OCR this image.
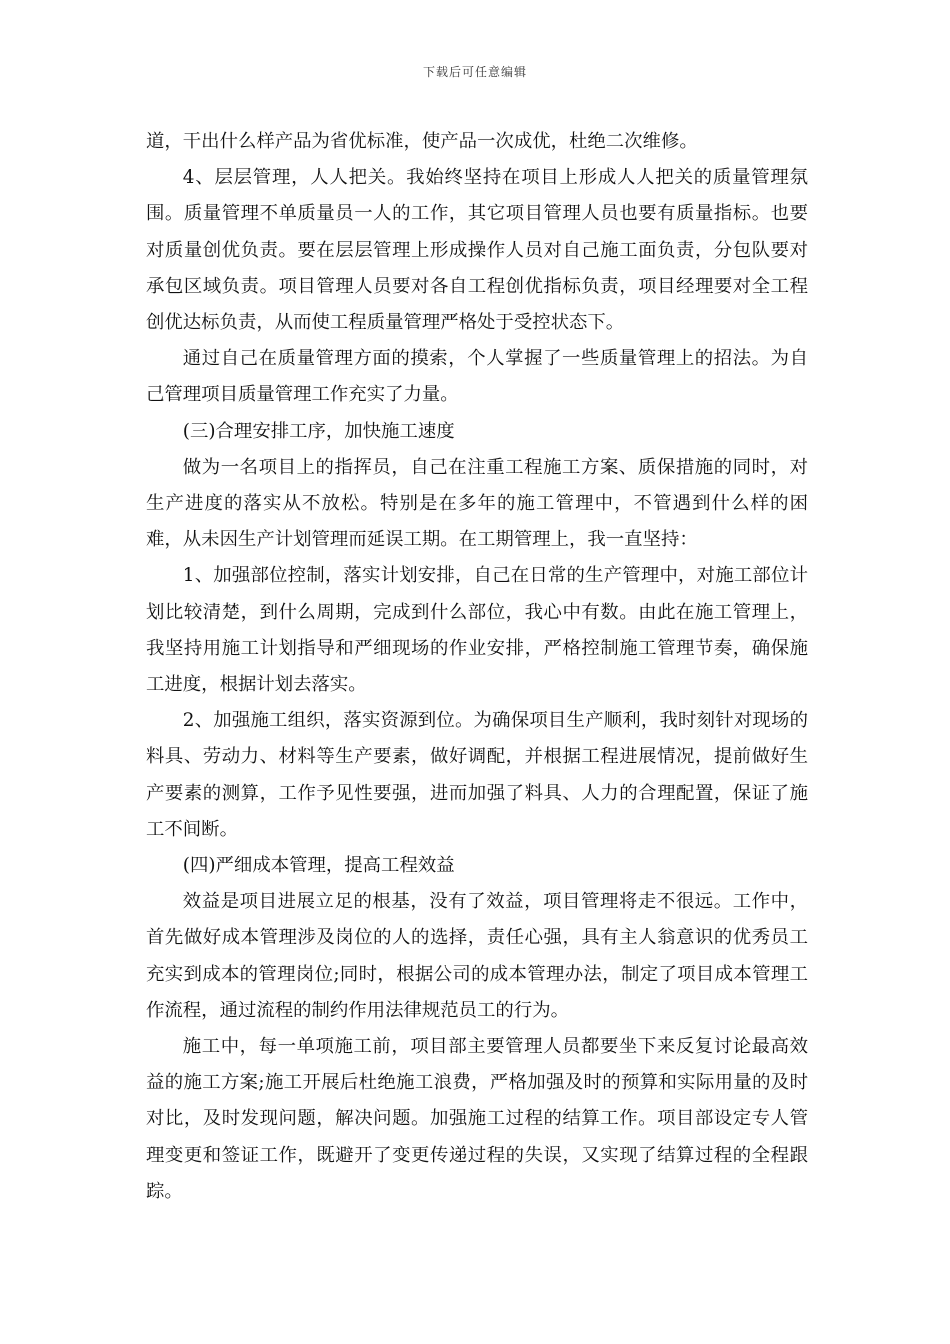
下载后可任意编辑

道，干出什么样产品为省优标准，使产品一次成优，杜绝二次维修。

4、层层管理，人人把关。我始终坚持在项目上形成人人把关的质量管理氛围。质量管理不单质量员一人的工作，其它项目管理人员也要有质量指标。也要对质量创优负责。要在层层管理上形成操作人员对自己施工面负责，分包队要对承包区域负责。项目管理人员要对各自工程创优指标负责，项目经理要对全工程创优达标负责，从而使工程质量管理严格处于受控状态下。

通过自己在质量管理方面的摸索，个人掌握了一些质量管理上的招法。为自己管理项目质量管理工作充实了力量。

(三)合理安排工序，加快施工速度

做为一名项目上的指挥员，自己在注重工程施工方案、质保措施的同时，对生产进度的落实从不放松。特别是在多年的施工管理中，不管遇到什么样的困难，从未因生产计划管理而延误工期。在工期管理上，我一直坚持：

1、加强部位控制，落实计划安排，自己在日常的生产管理中，对施工部位计划比较清楚，到什么周期，完成到什么部位，我心中有数。由此在施工管理上，我坚持用施工计划指导和严细现场的作业安排，严格控制施工管理节奏，确保施工进度，根据计划去落实。

2、加强施工组织，落实资源到位。为确保项目生产顺利，我时刻针对现场的料具、劳动力、材料等生产要素，做好调配，并根据工程进展情况，提前做好生产要素的测算，工作予见性要强，进而加强了料具、人力的合理配置，保证了施工不间断。

(四)严细成本管理，提高工程效益

效益是项目进展立足的根基，没有了效益，项目管理将走不很远。工作中，首先做好成本管理涉及岗位的人的选择，责任心强，具有主人翁意识的优秀员工充实到成本的管理岗位;同时，根据公司的成本管理办法，制定了项目成本管理工作流程，通过流程的制约作用法律规范员工的行为。

施工中，每一单项施工前，项目部主要管理人员都要坐下来反复讨论最高效益的施工方案;施工开展后杜绝施工浪费，严格加强及时的预算和实际用量的及时对比，及时发现问题，解决问题。加强施工过程的结算工作。项目部设定专人管理变更和签证工作，既避开了变更传递过程的失误，又实现了结算过程的全程跟踪。
